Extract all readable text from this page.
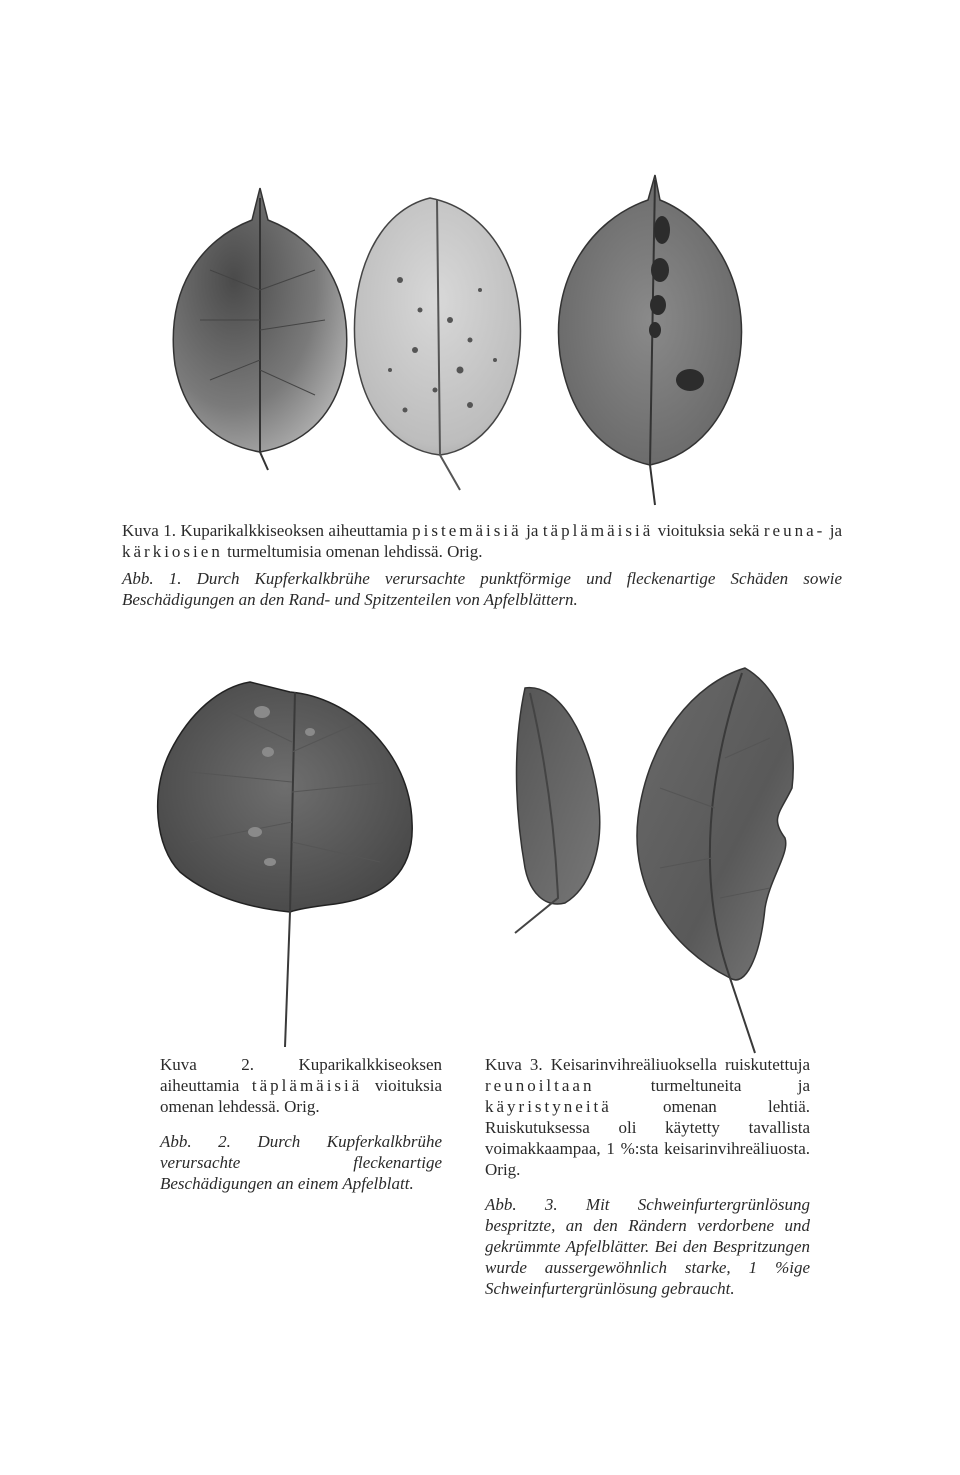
Kuva 1. Kuparikalkkiseoksen aiheuttamia pistemäisiä ja täplämäisiä vioituksia sekä reuna- ja kärkiosien turmeltumisia omenan lehdissä. Orig.

Abb. 1. Durch Kupferkalkbrühe verursachte punktförmige und fleckenartige Schäden sowie Beschädigungen an den Rand- und Spitzenteilen von Apfelblättern.

Kuva 2. Kuparikalkkiseoksen aiheuttamia täplämäisiä vioituksia omenan lehdessä. Orig.

Abb. 2. Durch Kupferkalkbrühe verursachte fleckenartige Beschädigungen an einem Apfelblatt.

Kuva 3. Keisarinvihreäliuoksella ruiskutettuja reunoiltaan turmeltuneita ja käyristyneitä omenan lehtiä. Ruiskutuksessa oli käytetty tavallista voimakkaampaa, 1 %:sta keisarinvihreäliuosta. Orig.

Abb. 3. Mit Schweinfurtergrünlösung bespritzte, an den Rändern verdorbene und gekrümmte Apfelblätter. Bei den Bespritzungen wurde aussergewöhnlich starke, 1 %ige Schweinfurtergrünlösung gebraucht.
